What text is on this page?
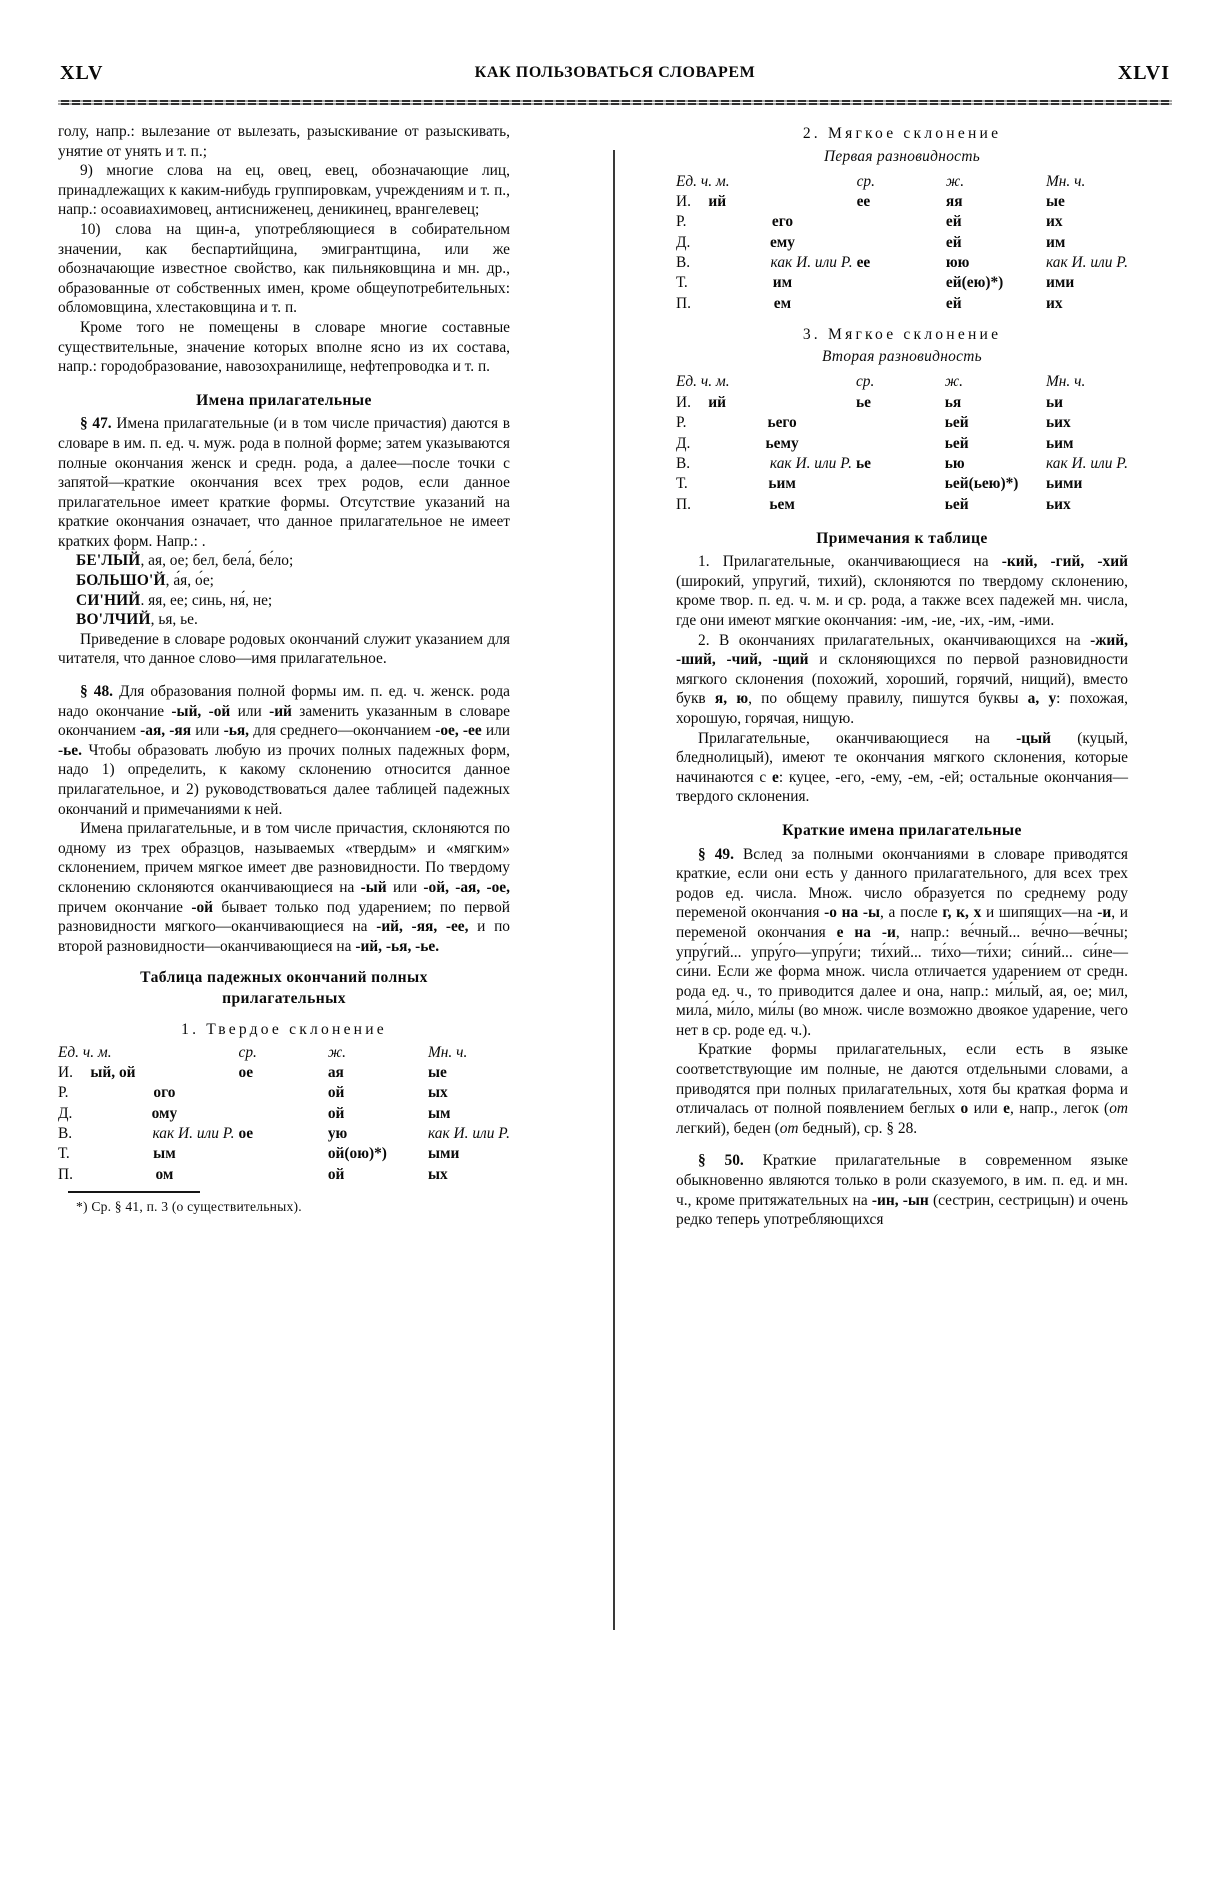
XLV	КАК ПОЛЬЗОВАТЬСЯ СЛОВАРЕМ	XLVI

голу, напр.: вылезание от вылезать, разыскивание от разыскивать, унятие от унять и т. п.;

9) многие слова на ец, овец, евец, обозначающие лиц, принадлежащих к каким-нибудь группировкам, учреждениям и т. п., напр.: осоавиахимовец, антисниженец, деникинец, врангелевец;

10) слова на щин-а, употребляющиеся в собирательном значении, как беспартийщина, эмигрантщина, или же обозначающие известное свойство, как пильняковщина и мн. др., образованные от собственных имен, кроме общеупотребительных: обломовщина, хлестаковщина и т. п.

Кроме того не помещены в словаре многие составные существительные, значение которых вполне ясно из их состава, напр.: городобразование, навозохранилище, нефтепроводка и т. п.

Имена прилагательные

§ 47. Имена прилагательные (и в том числе причастия) даются в словаре в им. п. ед. ч. муж. рода в полной форме; затем указываются полные окончания женск и средн. рода, а далее—после точки с запятой—краткие окончания всех трех родов, если данное прилагательное имеет краткие формы. Отсутствие указаний на краткие окончания означает, что данное прилагательное не имеет кратких форм. Напр.: .

БЕ'ЛЫЙ, ая, ое; бел, бела́, бе́ло;

БОЛЬШО'Й, а́я, о́е;

СИ'НИЙ. яя, ее; синь, ня́, не;

ВО'ЛЧИЙ, ья, ье.

Приведение в словаре родовых окончаний служит указанием для читателя, что данное слово—имя прилагательное.

§ 48. Для образования полной формы им. п. ед. ч. женск. рода надо окончание -ый, -ой или -ий заменить указанным в словаре окончанием -ая, -яя или -ья, для среднего—окончанием -ое, -ее или -ье. Чтобы образовать любую из прочих полных падежных форм, надо 1) определить, к какому склонению относится данное прилагательное, и 2) руководствоваться далее таблицей падежных окончаний и примечаниями к ней.

Имена прилагательные, и в том числе причастия, склоняются по одному из трех образцов, называемых «твердым» и «мягким» склонением, причем мягкое имеет две разновидности. По твердому склонению склоняются оканчивающиеся на -ый или -ой, -ая, -ое, причем окончание -ой бывает только под ударением; по первой разновидности мягкого—оканчивающиеся на -ий, -яя, -ее, и по второй разновидности—оканчивающиеся на -ий, -ья, -ье.

Таблица падежных окончаний полных

прилагательных

1. Твердое склонение

Ед. ч. м.		ср.	ж.	Мн. ч.
И.	ый, ой	ое	ая	ые
Р.	ого		ой	ых
Д.	ому		ой	ым
В.	как И. или Р.	ое	ую	как И. или Р.
Т.	ым		ой(ою)*)	ыми
П.	ом		ой	ых

*) Ср. § 41, п. 3 (о существительных).

2. Мягкое склонение

Первая разновидность

Ед. ч. м.		ср.	ж.	Мн. ч.
И.	ий	ее	яя	ые
Р.	его		ей	их
Д.	ему		ей	им
В.	как И. или Р.	ее	юю	как И. или Р.
Т.	им		ей(ею)*)	ими
П.	ем		ей	их

3. Мягкое склонение

Вторая разновидность

Ед. ч. м.		ср.	ж.	Мн. ч.
И.	ий	ье	ья	ьи
Р.	ьего		ьей	ьих
Д.	ьему		ьей	ьим
В.	как И. или Р.	ье	ью	как И. или Р.
Т.	ьим		ьей(ьею)*)	ьими
П.	ьем		ьей	ьих

Примечания к таблице

1. Прилагательные, оканчивающиеся на -кий, -гий, -хий (широкий, упругий, тихий), склоняются по твердому склонению, кроме твор. п. ед. ч. м. и ср. рода, а также всех падежей мн. числа, где они имеют мягкие окончания: -им, -ие, -их, -им, -ими.

2. В окончаниях прилагательных, оканчивающихся на -жий, -ший, -чий, -щий и склоняющихся по первой разновидности мягкого склонения (похожий, хороший, горячий, нищий), вместо букв я, ю, по общему правилу, пишутся буквы а, у: похожая, хорошую, горячая, нищую.

Прилагательные, оканчивающиеся на -цый (куцый, бледнолицый), имеют те окончания мягкого склонения, которые начинаются с е: куцее, -его, -ему, -ем, -ей; остальные окончания—твердого склонения.

Краткие имена прилагательные

§ 49. Вслед за полными окончаниями в словаре приводятся краткие, если они есть у данного прилагательного, для всех трех родов ед. числа. Множ. число образуется по среднему роду переменой окончания -о на -ы, а после г, к, х и шипящих—на -и, и переменой окончания е на -и, напр.: ве́чный... ве́чно—ве́чны; упру́гий... упру́го—упру́ги; ти́хий... ти́хо—ти́хи; си́ний... си́не—си́ни. Если же форма множ. числа отличается ударением от средн. рода ед. ч., то приводится далее и она, напр.: ми́лый, ая, ое; мил, мила́, ми́ло, ми́лы (во множ. числе возможно двоякое ударение, чего нет в ср. роде ед. ч.).

Краткие формы прилагательных, если есть в языке соответствующие им полные, не даются отдельными словами, а приводятся при полных прилагательных, хотя бы краткая форма и отличалась от полной появлением беглых о или е, напр., легок (от легкий), беден (от бедный), ср. § 28.

§ 50. Краткие прилагательные в современном языке обыкновенно являются только в роли сказуемого, в им. п. ед. и мн. ч., кроме притяжательных на -ин, -ын (сестрин, сестрицын) и очень редко теперь употребляющихся
